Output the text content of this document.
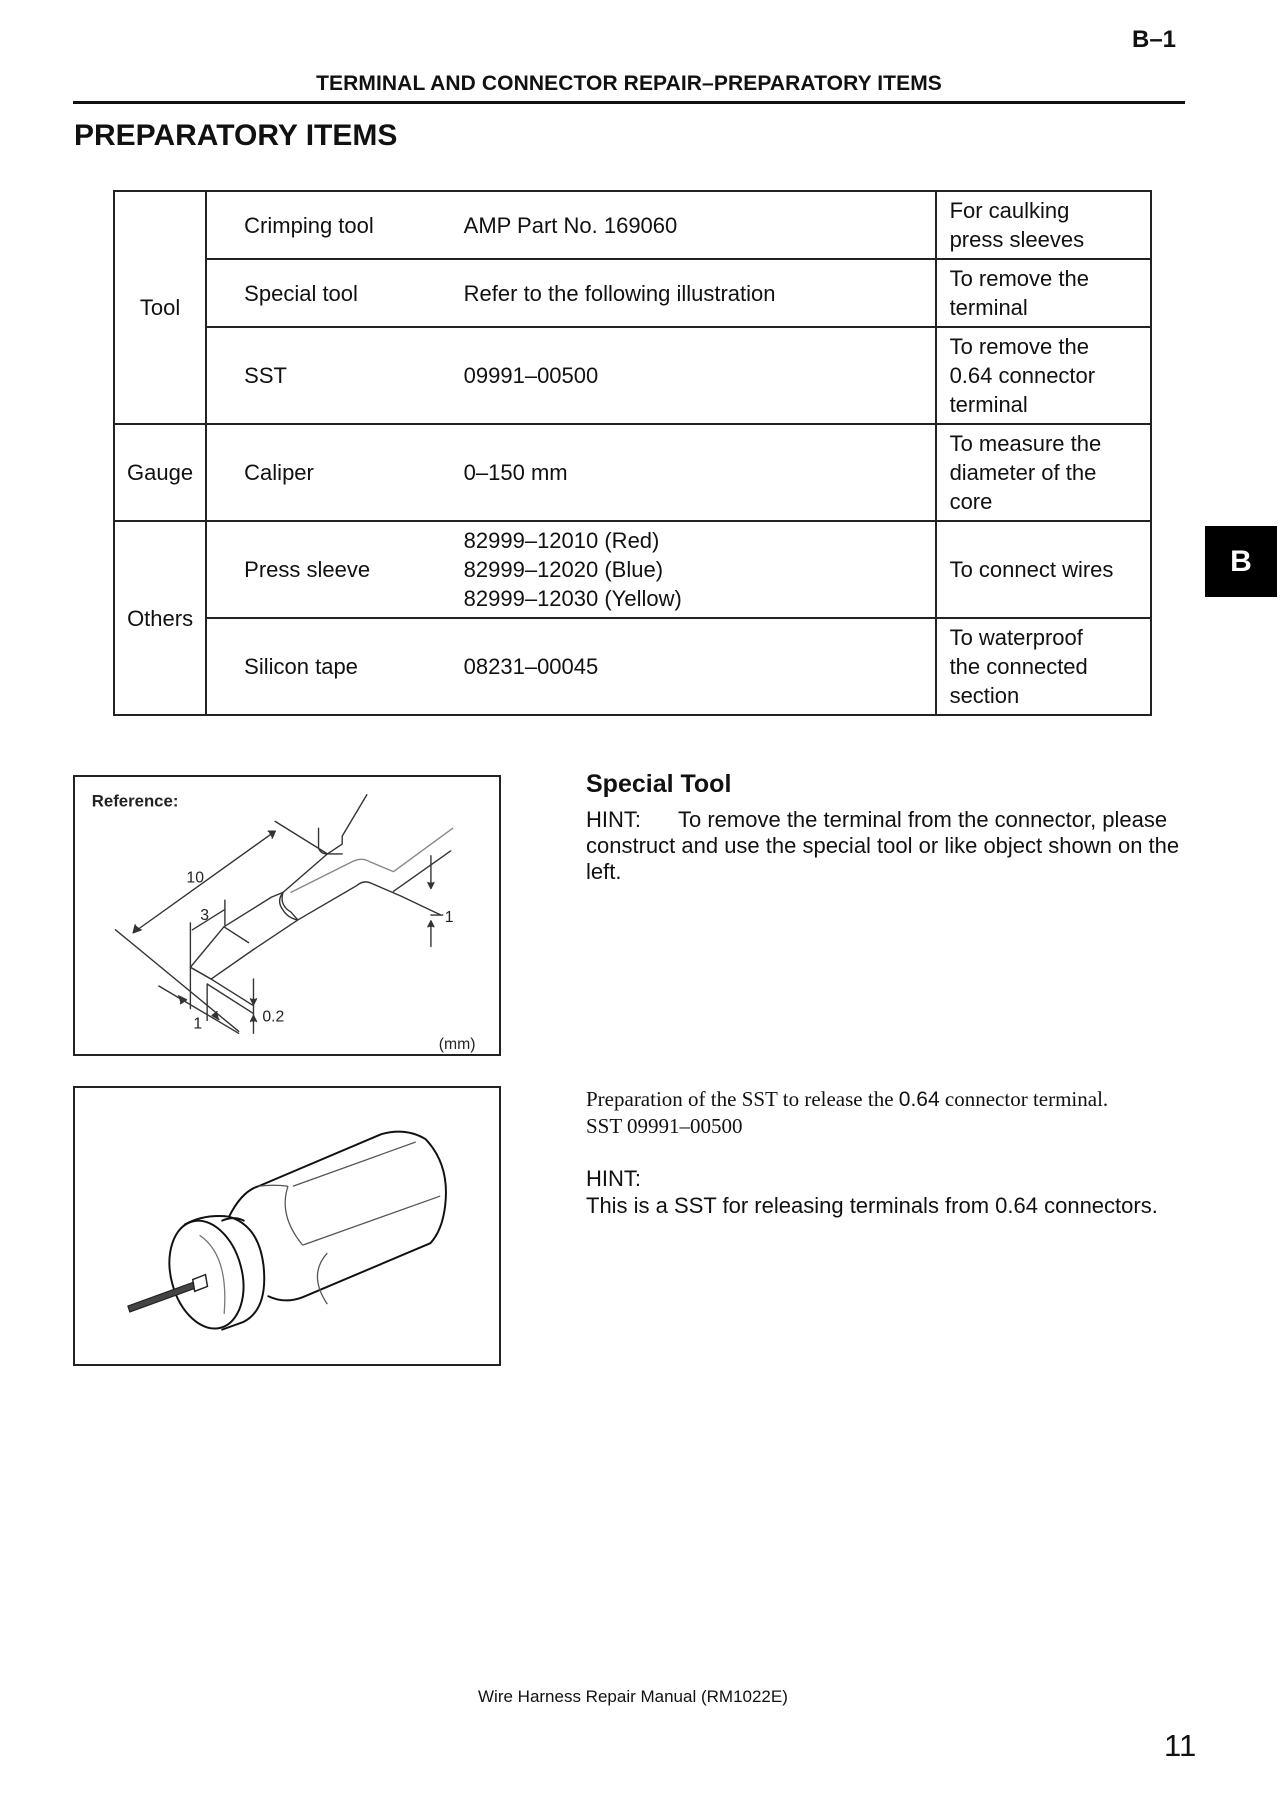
B–1
TERMINAL AND CONNECTOR REPAIR–PREPARATORY ITEMS
PREPARATORY ITEMS
Tool	Crimping tool	AMP Part No. 169060	For caulking
press sleeves

	Special tool	Refer to the following illustration	To remove the
terminal

	SST	09991–00500	To remove the
0.64 connector
terminal

Gauge	Caliper	0–150 mm	To measure the
diameter of the
core

Others	Press sleeve	82999–12010 (Red)
82999–12020 (Blue)
82999–12030 (Yellow)	To connect wires

	Silicon tape	08231–00045	To waterproof
the connected
section
B
Reference:
10
3	1
0.2
1
(mm)
Special Tool
HINT: To remove the terminal from the connector, please construct and use the special tool or like object shown on the left.
Preparation of the SST to release the 0.64 connector terminal.
SST 09991–00500
HINT:
This is a SST for releasing terminals from 0.64 connectors.
Wire Harness Repair Manual (RM1022E)
11
